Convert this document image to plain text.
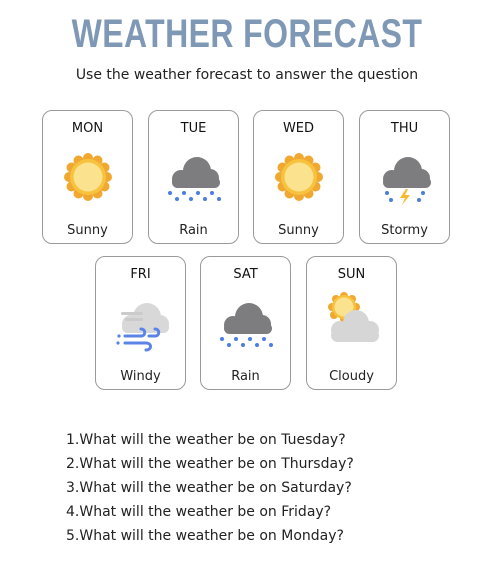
WEATHER FORECAST
Use the weather forecast to answer the question
MON
Sunny
TUE
Rain
WED
Sunny
THU
Stormy
FRI
Windy
SAT
Rain
SUN
Cloudy
1.What will the weather be on Tuesday?
2.What will the weather be on Thursday?
3.What will the weather be on Saturday?
4.What will the weather be on Friday?
5.What will the weather be on Monday?
